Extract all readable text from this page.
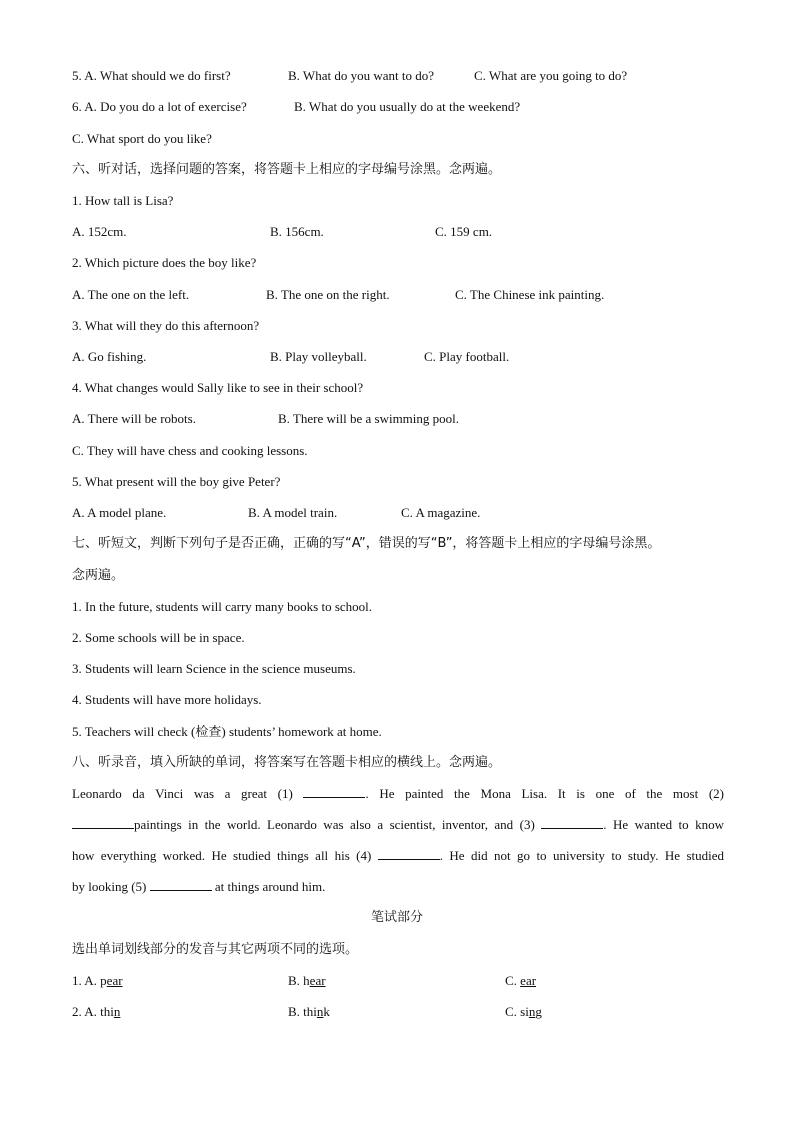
5. A. What should we do first?	B. What do you want to do?	C. What are you going to do?
6. A. Do you do a lot of exercise?	B. What do you usually do at the weekend?
C. What sport do you like?
六、听对话，选择问题的答案，将答题卡上相应的字母编号涂黑。念两遍。
1. How tall is Lisa?
A. 152cm.	B. 156cm.	C. 159 cm.
2. Which picture does the boy like?
A. The one on the left.	B. The one on the right.	C. The Chinese ink painting.
3. What will they do this afternoon?
A. Go fishing.	B. Play volleyball.	C. Play football.
4. What changes would Sally like to see in their school?
A. There will be robots.	B. There will be a swimming pool.
C. They will have chess and cooking lessons.
5. What present will the boy give Peter?
A. A model plane.	B. A model train.	C. A magazine.
七、听短文，判断下列句子是否正确，正确的写“A”，错误的写“B”，将答题卡上相应的字母编号涂黑。
念两遍。
1. In the future, students will carry many books to school.
2. Some schools will be in space.
3. Students will learn Science in the science museums.
4. Students will have more holidays.
5. Teachers will check (检查) students’ homework at home.
八、听录音，填入所缺的单词，将答案写在答题卡相应的横线上。念两遍。
Leonardo da Vinci was a great (1)	. He painted the Mona Lisa. It is one of the most (2)
paintings in the world. Leonardo was also a scientist, inventor, and (3)	. He wanted to know
how everything worked. He studied things all his (4)	. He did not go to university to study. He studied
by looking (5)	at things around him.
笔试部分
选出单词划线部分的发音与其它两项不同的选项。
1. A. pear	B. hear	C. ear
2. A. thin	B. think	C. sing
